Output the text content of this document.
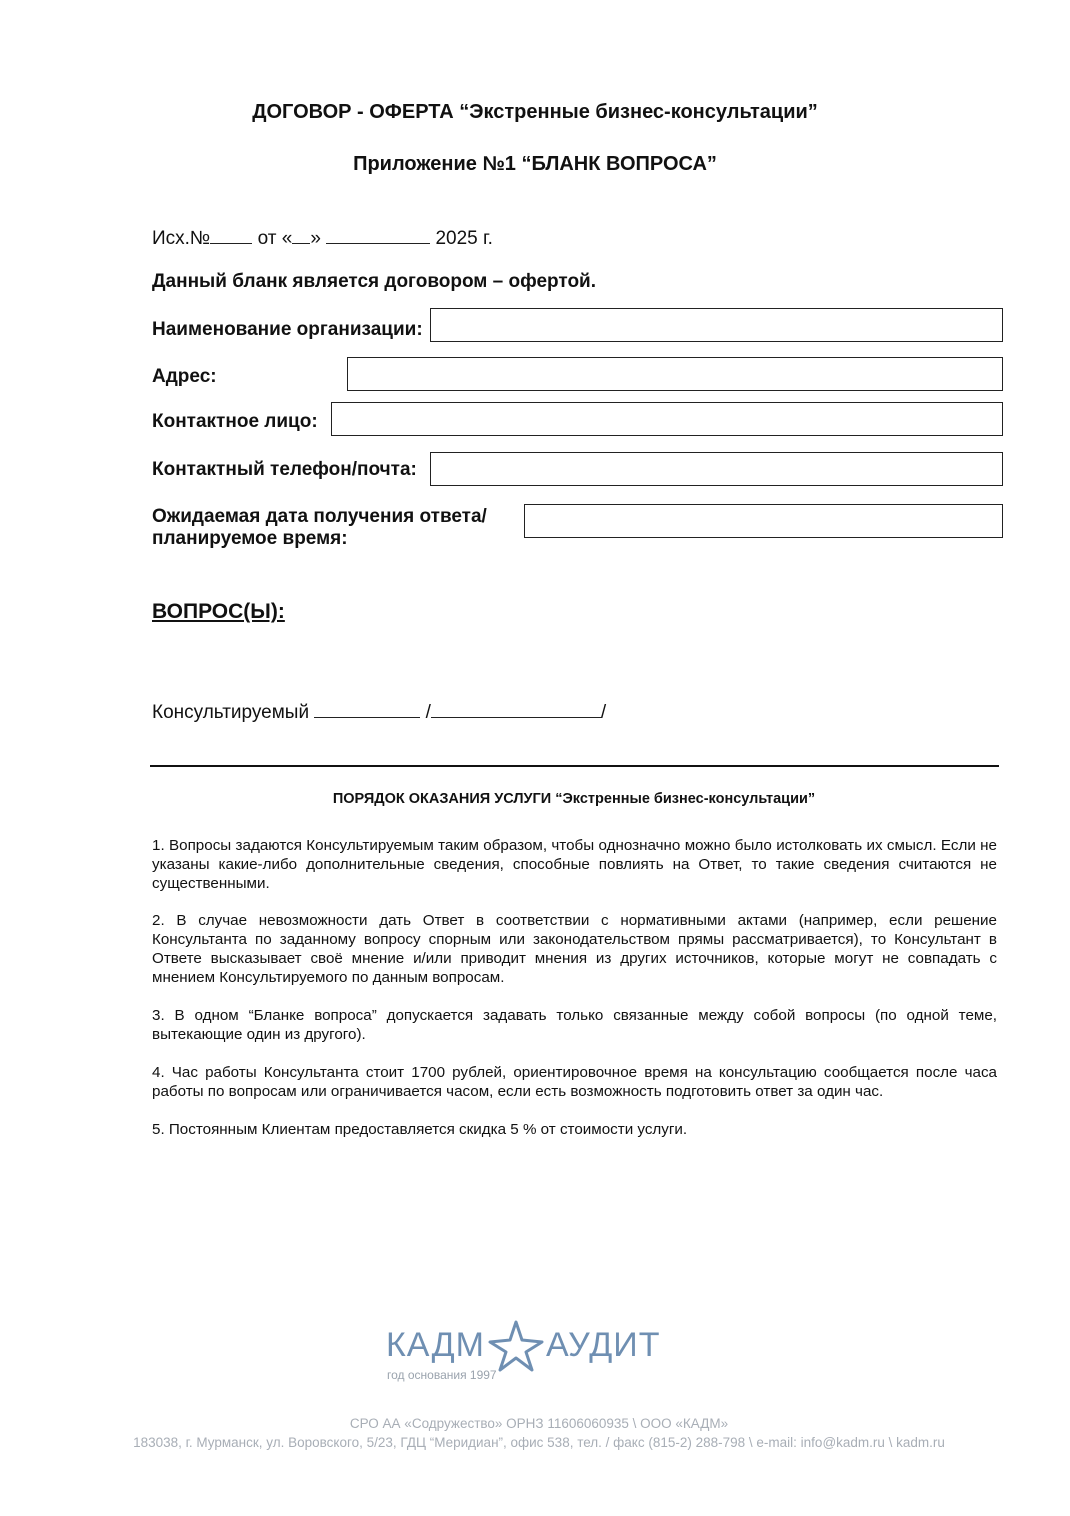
ДОГОВОР - ОФЕРТА “Экстренные бизнес-консультации”
Приложение №1 “БЛАНК ВОПРОСА”
Исх.№ от « »	2025 г.
Данный бланк является договором – офертой.
Наименование организации:
Адрес:
Контактное лицо:
Контактный телефон/почта:
Ожидаемая дата получения ответа/
планируемое время:
ВОПРОС(Ы):
Консультируемый	/	/
ПОРЯДОК ОКАЗАНИЯ УСЛУГИ “Экстренные бизнес-консультации”
1. Вопросы задаются Консультируемым таким образом, чтобы однозначно можно было истолковать их смысл. Если не указаны какие-либо дополнительные сведения, способные повлиять на Ответ, то такие сведения считаются не существенными.
2. В случае невозможности дать Ответ в соответствии с нормативными актами (например, если решение Консультанта по заданному вопросу спорным или законодательством прямы рассматривается), то Консультант в Ответе высказывает своё мнение и/или приводит мнения из других источников, которые могут не совпадать с мнением Консультируемого по данным вопросам.
3. В одном “Бланке вопроса” допускается задавать только связанные между собой вопросы (по одной теме, вытекающие один из другого).
4. Час работы Консультанта стоит 1700 рублей, ориентировочное время на консультацию сообщается после часа работы по вопросам или ограничивается часом, если есть возможность подготовить ответ за один час.
5. Постоянным Клиентам предоставляется скидка 5 % от стоимости услуги.
КАДМ АУДИТ
год основания 1997
СРО АА «Содружество» ОРНЗ 11606060935 \ ООО «КАДМ»
183038, г. Мурманск, ул. Воровского, 5/23, ГДЦ “Меридиан”, офис 538, тел. / факс (815-2) 288-798 \ e-mail: info@kadm.ru \ kadm.ru
